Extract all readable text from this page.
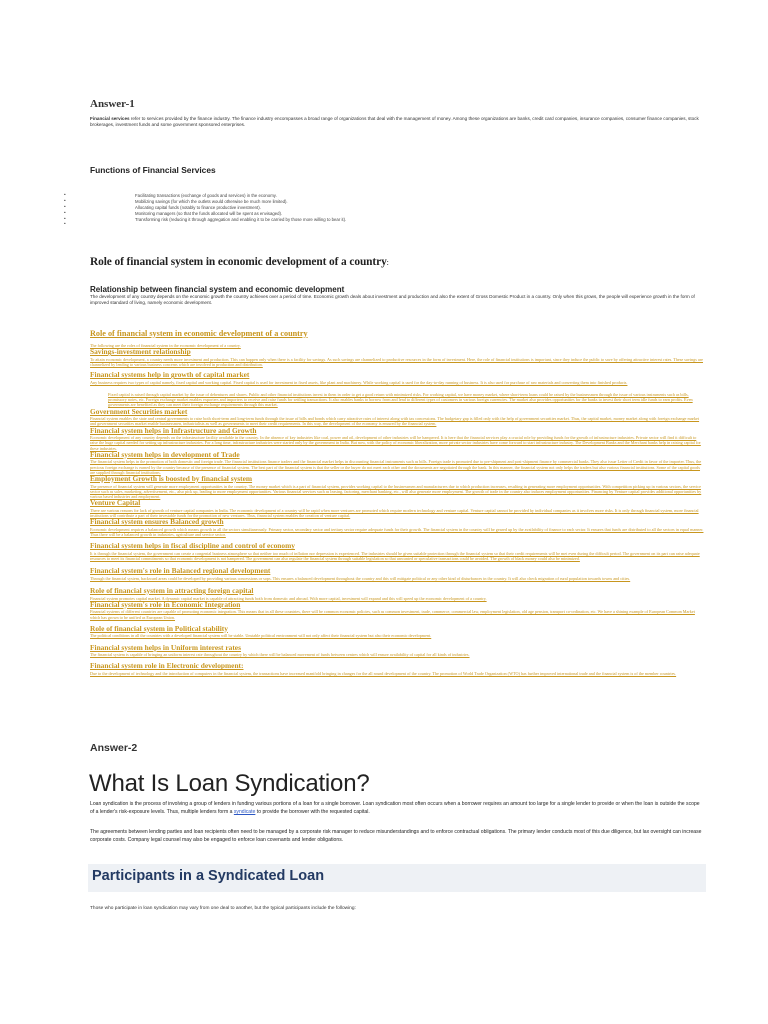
Answer-1
Financial services refer to services provided by the finance industry. The finance industry encompasses a broad range of organizations that deal with the management of money. Among these organizations are banks, credit card companies, insurance companies, consumer finance companies, stock brokerages, investment funds and some government sponsored enterprises.
Functions of Financial Services
• Facilitating transactions (exchange of goods and services) in the economy.
• Mobilizing savings (for which the outlets would otherwise be much more limited).
• Allocating capital funds (notably to finance productive investment).
• Monitoring managers (so that the funds allocated will be spent as envisaged).
• Transforming risk (reducing it through aggregation and enabling it to be carried by those more willing to bear it).
•
Role of financial system in economic development of a country:
Relationship between financial system and economic development
The development of any country depends on the economic growth the country achieves over a period of time. Economic growth deals about investment and production and also the extent of Gross Domestic Product in a country. Only when this grows, the people will experience growth in the form of improved standard of living, namely economic development.
Role of financial system in economic development of a country
The following are the roles of financial system in the economic development of a country.
Savings-investment relationship
To attain economic development, a country needs more investment and production. This can happen only when there is a facility for savings. As such savings are channelized to productive resources in the form of investment. Here, the role of financial institutions is important, since they induce the public to save by offering attractive interest rates. These savings are channelized by lending to various business concerns which are involved in production and distribution.
Financial systems help in growth of capital market
Any business requires two types of capital namely, fixed capital and working capital. Fixed capital is used for investment in fixed assets, like plant and machinery. While working capital is used for the day-to-day running of business. It is also used for purchase of raw materials and converting them into finished products.
Fixed capital is raised through capital market by the issue of debentures and shares. Public and other financial institutions invest in them in order to get a good return with minimized risks. For working capital, we have money market, where short-term loans could be raised by the businessmen through the issue of various instruments such as bills, promissory notes, etc. Foreign exchange market enables exporters and importers to receive and raise funds for settling transactions. It also enables banks to borrow from and lend to different types of customers in various foreign currencies. The market also provides opportunities for the banks to invest their short term idle funds to earn profits. Even governments are benefited as they can meet their foreign exchange requirements through this market.
Government Securities market
Financial system enables the state and central governments to raise both short-term and long-term funds through the issue of bills and bonds which carry attractive rates of interest along with tax concessions. The budgetary gap is filled only with the help of government securities market. Thus, the capital market, money market along with foreign exchange market and government securities market enable businessmen, industrialists as well as governments to meet their credit requirements. In this way, the development of the economy is ensured by the financial system.
Financial system helps in Infrastructure and Growth
Economic development of any country depends on the infrastructure facility available in the country. In the absence of key industries like coal, power and oil, development of other industries will be hampered. It is here that the financial services play a crucial role by providing funds for the growth of infrastructure industries. Private sector will find it difficult to raise the huge capital needed for setting up infrastructure industries. For a long time, infrastructure industries were started only by the government in India. But now, with the policy of economic liberalization, more private sector industries have come forward to start infrastructure industry. The Development Banks and the Merchant banks help in raising capital for these industries.
Financial system helps in development of Trade
The financial system helps in the promotion of both domestic and foreign trade. The financial institutions finance traders and the financial market helps in discounting financial instruments such as bills. Foreign trade is promoted due to pre-shipment and post-shipment finance by commercial banks. They also issue Letter of Credit in favor of the importer. Thus, the precious foreign exchange is earned by the country because of the presence of financial system. The best part of the financial system is that the seller or the buyer do not meet each other and the documents are negotiated through the bank. In this manner, the financial system not only helps the traders but also various financial institutions. Some of the capital goods are supplied through financial institutions.
Employment Growth is boosted by financial system
The presence of financial system will generate more employment opportunities in the country. The money market which is a part of financial system, provides working capital to the businessmen and manufacturers due to which production increases, resulting in generating more employment opportunities. With competition picking up in various sectors, the service sector such as sales, marketing, advertisement, etc., also pick up, leading to more employment opportunities. Various financial services such as leasing, factoring, merchant banking, etc., will also generate more employment. The growth of trade in the country also induces employment opportunities. Financing by Venture capital provides additional opportunities by various based industries and employment.
Venture Capital
There are various reasons for lack of growth of venture capital companies in India. The economic development of a country will be rapid when more ventures are promoted which require modern technology and venture capital. Venture capital cannot be provided by individual companies as it involves more risks. It is only through financial system, more financial institutions will contribute a part of their investable funds for the promotion of new ventures. Thus, financial system enables the creation of venture capital.
Financial system ensures Balanced growth
Economic development requires a balanced growth which means growth in all the sectors simultaneously. Primary sector, secondary sector and tertiary sector require adequate funds for their growth. The financial system in the country will be geared up by the availability of finance to each sector. It ensures that funds are distributed to all the sectors in equal manner. Thus there will be a balanced growth in industries, agriculture and service sector.
Financial system helps in fiscal discipline and control of economy
It is through the financial system, the government can create a congenial business atmosphere so that neither too much of inflation nor depression is experienced. The industries should be given suitable protection through the financial system so that their credit requirements will be met even during the difficult period. The government on its part can raise adequate resources to meet its financial commitments so that economic development is not hampered. The government can also regulate the financial system through suitable legislation so that unwanted or speculative transactions could be avoided. The growth of black money could also be minimized.
Financial system's role in Balanced regional development
Through the financial system, backward areas could be developed by providing various concessions or sops. This ensures a balanced development throughout the country and this will mitigate political or any other kind of disturbances in the country. It will also check migration of rural population towards towns and cities.
Role of financial system in attracting foreign capital
Financial system promotes capital market. A dynamic capital market is capable of attracting funds both from domestic and abroad. With more capital, investment will expand and this will speed up the economic development of a country.
Financial system's role in Economic Integration
Financial systems of different countries are capable of promoting economic integration. This means that in all these countries, there will be common economic policies, such as common investment, trade, commerce, commercial law, employment legislation, old age pension, transport co-ordination, etc. We have a shining example of European Common Market which has grown to be unified as European Union.
Role of financial system in Political stability
The political conditions in all the countries with a developed financial system will be stable. Unstable political environment will not only affect their financial system but also their economic development.
Financial system helps in Uniform interest rates
The financial system is capable of bringing an uniform interest rate throughout the country by which there will be balanced movement of funds between centres which will ensure availability of capital for all kinds of industries.
Financial system role in Electronic development:
Due to the development of technology and the introduction of computers in the financial system, the transactions have increased manifold bringing in changes for the all round development of the country. The promotion of World Trade Organization (WTO) has further improved international trade and the financial system is of the member countries.
Answer-2
What Is Loan Syndication?
Loan syndication is the process of involving a group of lenders in funding various portions of a loan for a single borrower. Loan syndication most often occurs when a borrower requires an amount too large for a single lender to provide or when the loan is outside the scope of a lender's risk-exposure levels. Thus, multiple lenders form a syndicate to provide the borrower with the requested capital.
The agreements between lending parties and loan recipients often need to be managed by a corporate risk manager to reduce misunderstandings and to enforce contractual obligations. The primary lender conducts most of this due diligence, but lax oversight can increase corporate costs. Company legal counsel may also be engaged to enforce loan covenants and lender obligations.
Participants in a Syndicated Loan
Those who participate in loan syndication may vary from one deal to another, but the typical participants include the following:
